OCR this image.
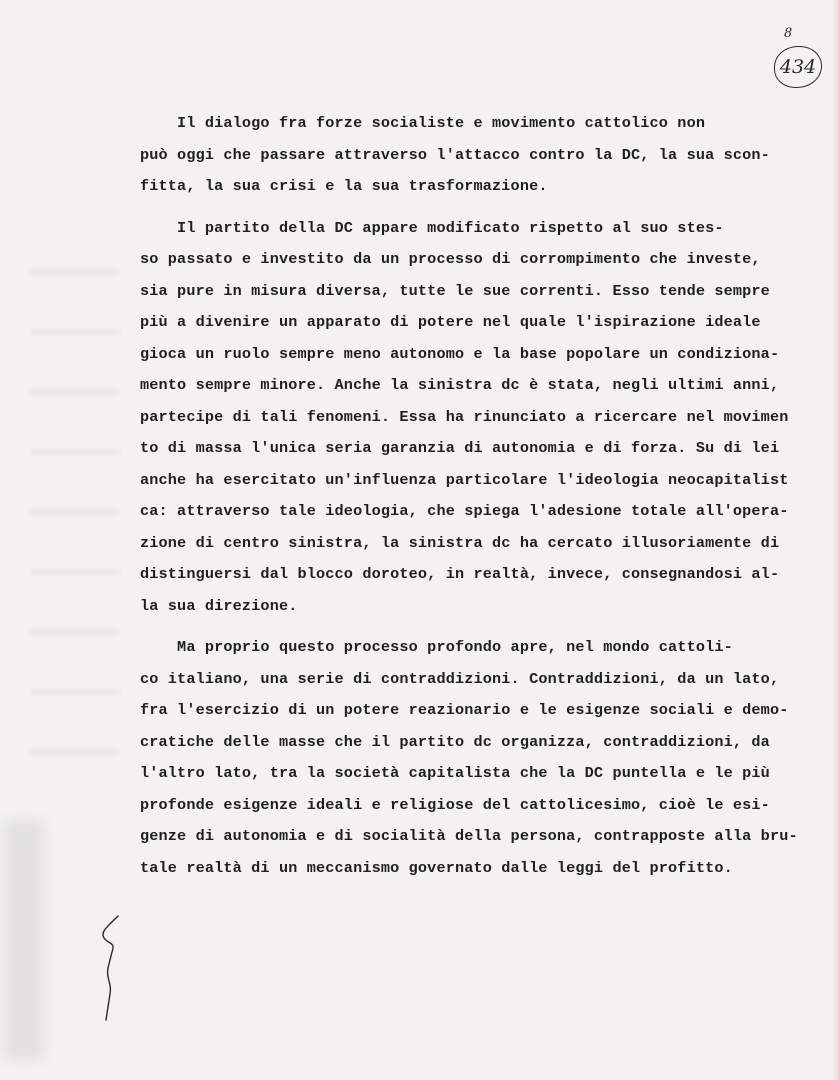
8
434
Il dialogo fra forze socialiste e movimento cattolico non
può oggi che passare attraverso l'attacco contro la DC, la sua scon-
fitta, la sua crisi e la sua trasformazione.
Il partito della DC appare modificato rispetto al suo stes-
so passato e investito da un processo di corrompimento che investe,
sia pure in misura diversa, tutte le sue correnti. Esso tende sempre
più a divenire un apparato di potere nel quale l'ispirazione ideale
gioca un ruolo sempre meno autonomo e la base popolare un condiziona-
mento sempre minore. Anche la sinistra dc è stata, negli ultimi anni,
partecipe di tali fenomeni. Essa ha rinunciato a ricercare nel movimen
to di massa l'unica seria garanzia di autonomia e di forza. Su di lei
anche ha esercitato un'influenza particolare l'ideologia neocapitalist
ca: attraverso tale ideologia, che spiega l'adesione totale all'opera-
zione di centro sinistra, la sinistra dc ha cercato illusoriamente di
distinguersi dal blocco doroteo, in realtà, invece, consegnandosi al-
la sua direzione.
Ma proprio questo processo profondo apre, nel mondo cattoli-
co italiano, una serie di contraddizioni. Contraddizioni, da un lato,
fra l'esercizio di un potere reazionario e le esigenze sociali e demo-
cratiche delle masse che il partito dc organizza, contraddizioni, da
l'altro lato, tra la società capitalista che la DC puntella e le più
profonde esigenze ideali e religiose del cattolicesimo, cioè le esi-
genze di autonomia e di socialità della persona, contrapposte alla bru-
tale realtà di un meccanismo governato dalle leggi del profitto.
